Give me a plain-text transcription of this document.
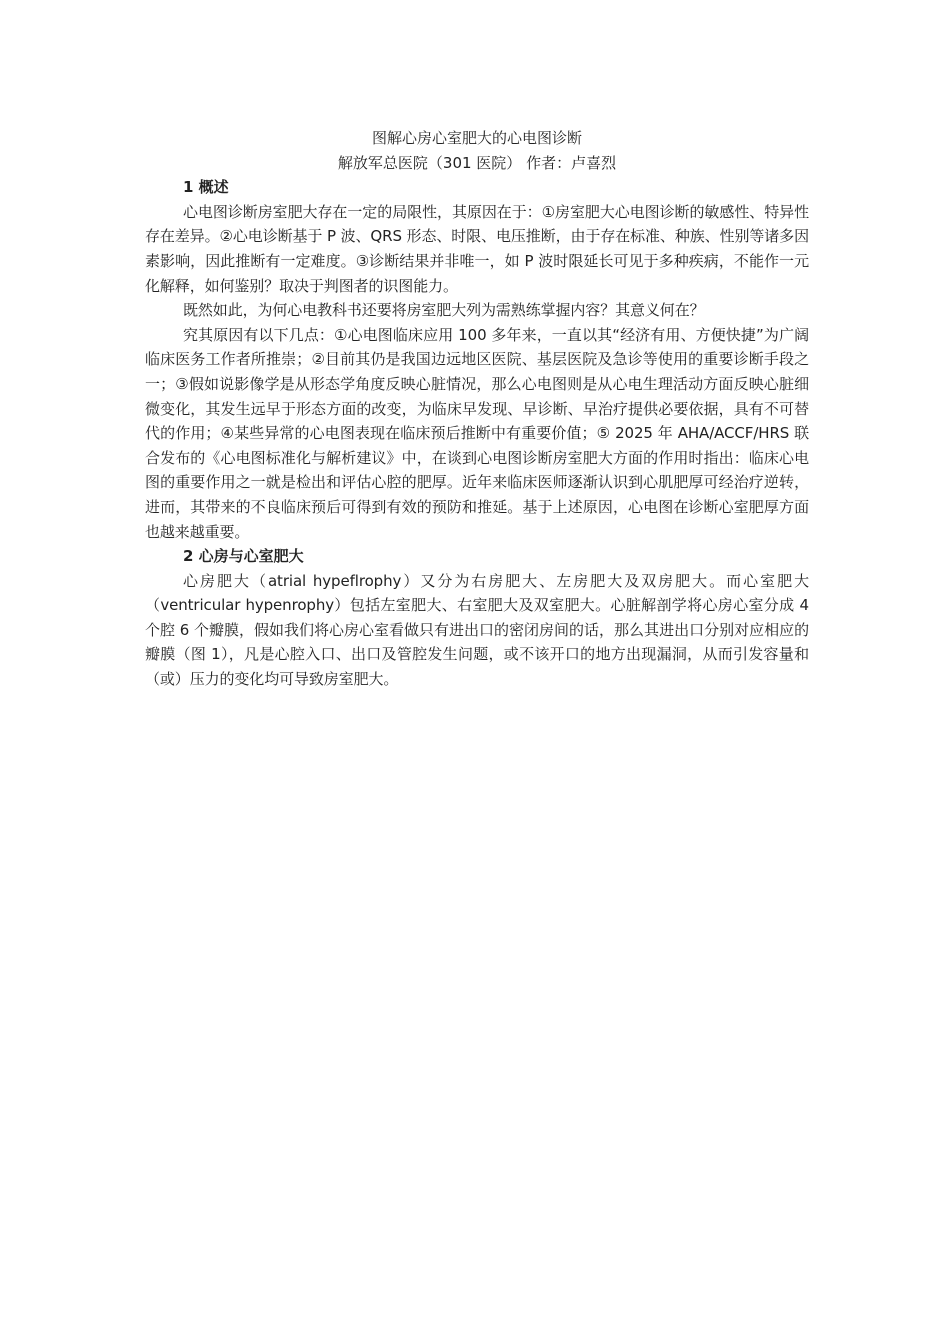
图解心房心室肥大的心电图诊断

解放军总医院（301 医院） 作者：卢喜烈

1 概述

心电图诊断房室肥大存在一定的局限性，其原因在于：①房室肥大心电图诊断的敏感性、特异性存在差异。②心电诊断基于 P 波、QRS 形态、时限、电压推断，由于存在标准、种族、性别等诸多因素影响，因此推断有一定难度。③诊断结果并非唯一，如 P 波时限延长可见于多种疾病，不能作一元化解释，如何鉴别？取决于判图者的识图能力。

既然如此，为何心电教科书还要将房室肥大列为需熟练掌握内容？其意义何在？

究其原因有以下几点：①心电图临床应用 100 多年来，一直以其“经济有用、方便快捷”为广阔临床医务工作者所推崇；②目前其仍是我国边远地区医院、基层医院及急诊等使用的重要诊断手段之一；③假如说影像学是从形态学角度反映心脏情况，那么心电图则是从心电生理活动方面反映心脏细微变化，其发生远早于形态方面的改变，为临床早发现、早诊断、早治疗提供必要依据，具有不可替代的作用；④某些异常的心电图表现在临床预后推断中有重要价值；⑤ 2025 年 AHA/ACCF/HRS 联合发布的《心电图标准化与解析建议》中，在谈到心电图诊断房室肥大方面的作用时指出：临床心电图的重要作用之一就是检出和评估心腔的肥厚。近年来临床医师逐渐认识到心肌肥厚可经治疗逆转，进而，其带来的不良临床预后可得到有效的预防和推延。基于上述原因，心电图在诊断心室肥厚方面也越来越重要。

2 心房与心室肥大

心房肥大（atrial hypeflrophy）又分为右房肥大、左房肥大及双房肥大。而心室肥大（ventricular hypenrophy）包括左室肥大、右室肥大及双室肥大。心脏解剖学将心房心室分成 4 个腔 6 个瓣膜，假如我们将心房心室看做只有进出口的密闭房间的话，那么其进出口分别对应相应的瓣膜（图 1），凡是心腔入口、出口及管腔发生问题，或不该开口的地方出现漏洞，从而引发容量和（或）压力的变化均可导致房室肥大。
